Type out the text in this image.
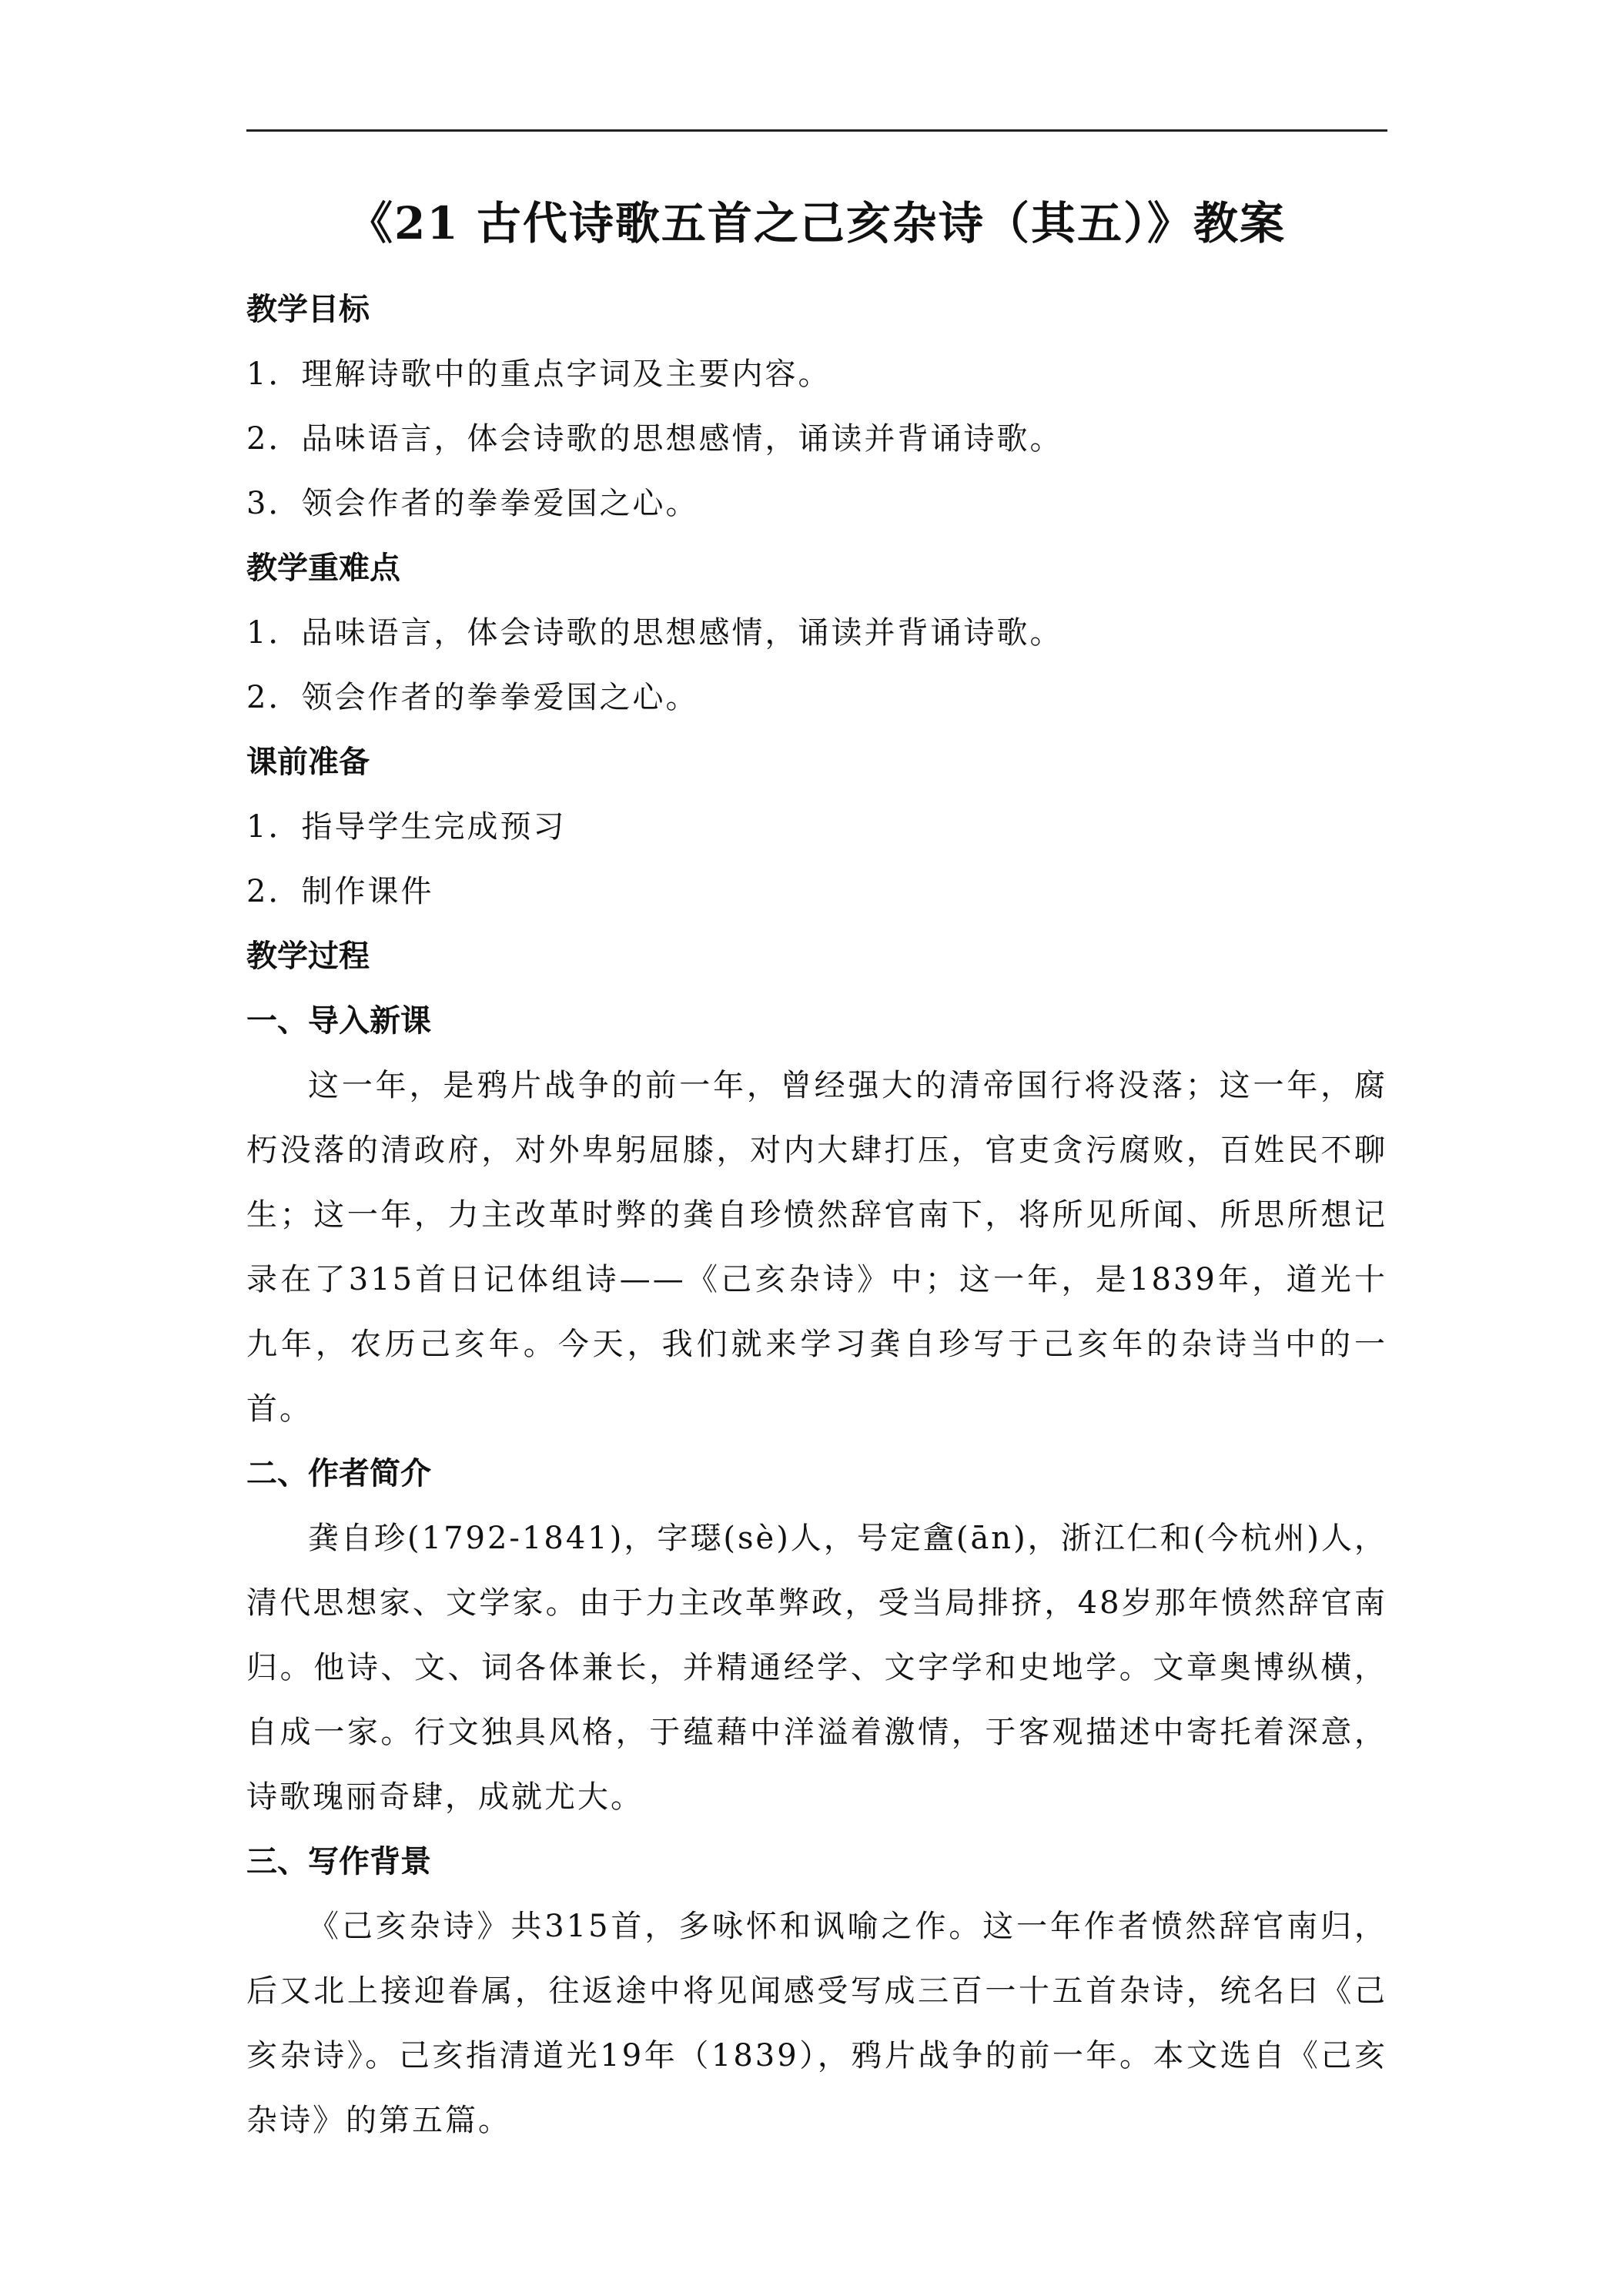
《21 古代诗歌五首之己亥杂诗（其五）》教案

教学目标

1．理解诗歌中的重点字词及主要内容。

2．品味语言，体会诗歌的思想感情，诵读并背诵诗歌。

3．领会作者的拳拳爱国之心。

教学重难点

1．品味语言，体会诗歌的思想感情，诵读并背诵诗歌。

2．领会作者的拳拳爱国之心。

课前准备

1．指导学生完成预习

2．制作课件

教学过程

一、导入新课

这一年，是鸦片战争的前一年，曾经强大的清帝国行将没落；这一年，腐朽没落的清政府，对外卑躬屈膝，对内大肆打压，官吏贪污腐败，百姓民不聊生；这一年，力主改革时弊的龚自珍愤然辞官南下，将所见所闻、所思所想记录在了315首日记体组诗——《己亥杂诗》中；这一年，是1839年，道光十九年，农历己亥年。今天，我们就来学习龚自珍写于己亥年的杂诗当中的一首。

二、作者简介

龚自珍(1792-1841)，字璱(sè)人，号定盦(ān)，浙江仁和(今杭州)人，清代思想家、文学家。由于力主改革弊政，受当局排挤，48岁那年愤然辞官南归。他诗、文、词各体兼长，并精通经学、文字学和史地学。文章奥博纵横，自成一家。行文独具风格，于蕴藉中洋溢着激情，于客观描述中寄托着深意，诗歌瑰丽奇肆，成就尤大。

三、写作背景

《己亥杂诗》共315首，多咏怀和讽喻之作。这一年作者愤然辞官南归，后又北上接迎眷属，往返途中将见闻感受写成三百一十五首杂诗，统名曰《己亥杂诗》。己亥指清道光19年（1839），鸦片战争的前一年。本文选自《己亥杂诗》的第五篇。
